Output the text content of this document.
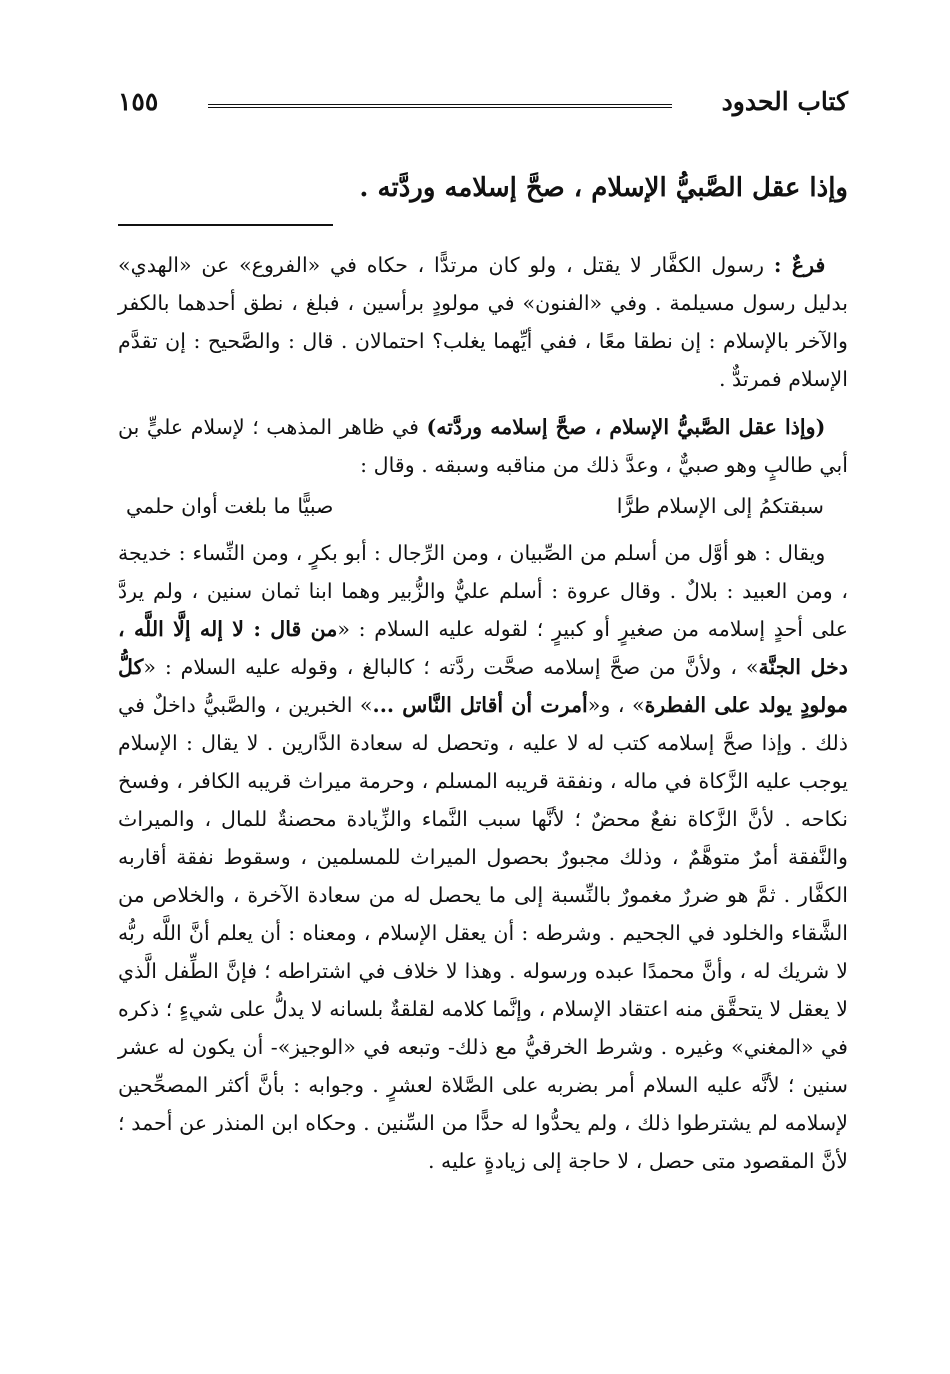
كتاب الحدود
١٥٥
وإذا عقل الصَّبيُّ الإسلام ، صحَّ إسلامه وردَّته .

فرعٌ : رسول الكفَّار لا يقتل ، ولو كان مرتدًّا ، حكاه في «الفروع» عن «الهدي» بدليل رسول مسيلمة . وفي «الفنون» في مولودٍ برأسين ، فبلغ ، نطق أحدهما بالكفر والآخر بالإسلام : إن نطقا معًا ، ففي أيِّهما يغلب؟ احتمالان . قال : والصَّحيح : إن تقدَّم الإسلام فمرتدٌّ .

(وإذا عقل الصَّبيُّ الإسلام ، صحَّ إسلامه وردَّته) في ظاهر المذهب ؛ لإسلام عليٍّ بن أبي طالبٍ وهو صبيٌّ ، وعدَّ ذلك من مناقبه وسبقه . وقال :

سبقتكمُ إلى الإسلام طرًّا
صبيًّا ما بلغت أوان حلمي

ويقال : هو أوَّل من أسلم من الصِّبيان ، ومن الرِّجال : أبو بكرٍ ، ومن النِّساء : خديجة ، ومن العبيد : بلالٌ . وقال عروة : أسلم عليٌّ والزُّبير وهما ابنا ثمان سنين ، ولم يردَّ على أحدٍ إسلامه من صغيرٍ أو كبيرٍ ؛ لقوله عليه السلام : «من قال : لا إله إلَّا اللَّه ، دخل الجنَّة» ، ولأنَّ من صحَّ إسلامه صحَّت ردَّته ؛ كالبالغ ، وقوله عليه السلام : «كلُّ مولودٍ يولد على الفطرة» ، و«أمرت أن أقاتل النَّاس ...» الخبرين ، والصَّبيُّ داخلٌ في ذلك . وإذا صحَّ إسلامه كتب له لا عليه ، وتحصل له سعادة الدَّارين . لا يقال : الإسلام يوجب عليه الزَّكاة في ماله ، ونفقة قريبه المسلم ، وحرمة ميراث قريبه الكافر ، وفسخ نكاحه . لأنَّ الزَّكاة نفعٌ محضٌ ؛ لأنَّها سبب النَّماء والزِّيادة محصنةٌ للمال ، والميراث والنَّفقة أمرٌ متوهَّمٌ ، وذلك مجبورٌ بحصول الميراث للمسلمين ، وسقوط نفقة أقاربه الكفَّار . ثمَّ هو ضررٌ مغمورٌ بالنِّسبة إلى ما يحصل له من سعادة الآخرة ، والخلاص من الشَّقاء والخلود في الجحيم . وشرطه : أن يعقل الإسلام ، ومعناه : أن يعلم أنَّ اللَّه ربُّه لا شريك له ، وأنَّ محمدًا عبده ورسوله . وهذا لا خلاف في اشتراطه ؛ فإنَّ الطِّفل الَّذي لا يعقل لا يتحقَّق منه اعتقاد الإسلام ، وإنَّما كلامه لقلقةٌ بلسانه لا يدلُّ على شيءٍ ؛ ذكره في «المغني» وغيره . وشرط الخرقيُّ مع ذلك- وتبعه في «الوجيز»- أن يكون له عشر سنين ؛ لأنَّه عليه السلام أمر بضربه على الصَّلاة لعشرٍ . وجوابه : بأنَّ أكثر المصحِّحين لإسلامه لم يشترطوا ذلك ، ولم يحدُّوا له حدًّا من السِّنين . وحكاه ابن المنذر عن أحمد ؛ لأنَّ المقصود متى حصل ، لا حاجة إلى زيادةٍ عليه .
